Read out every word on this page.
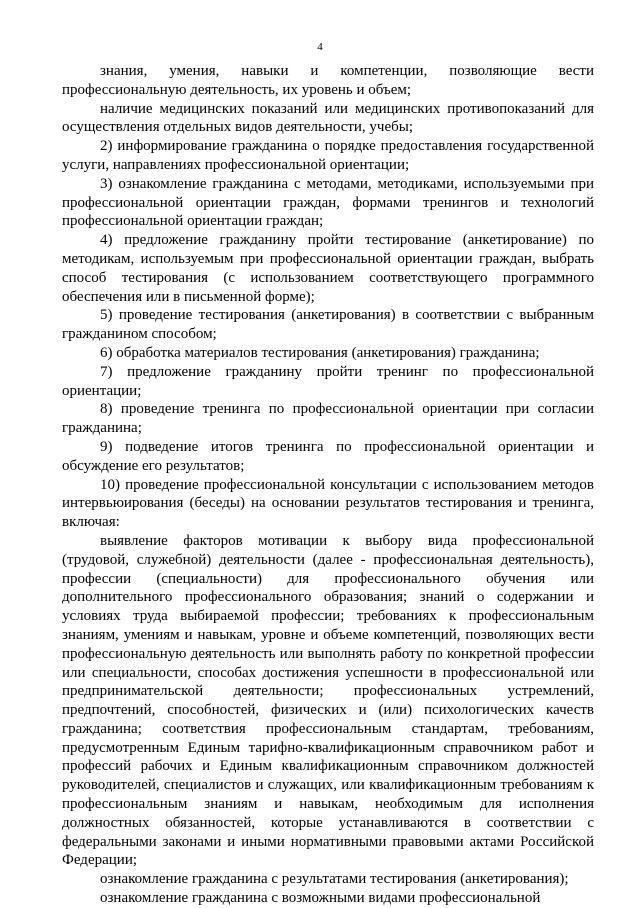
4

знания, умения, навыки и компетенции, позволяющие вести профессиональную деятельность, их уровень и объем;

наличие медицинских показаний или медицинских противопоказаний для осуществления отдельных видов деятельности, учебы;

2) информирование гражданина о порядке предоставления государственной услуги, направлениях профессиональной ориентации;

3) ознакомление гражданина с методами, методиками, используемыми при профессиональной ориентации граждан, формами тренингов и технологий профессиональной ориентации граждан;

4) предложение гражданину пройти тестирование (анкетирование) по методикам, используемым при профессиональной ориентации граждан, выбрать способ тестирования (с использованием соответствующего программного обеспечения или в письменной форме);

5) проведение тестирования (анкетирования) в соответствии с выбранным гражданином способом;

6) обработка материалов тестирования (анкетирования) гражданина;

7) предложение гражданину пройти тренинг по профессиональной ориентации;

8) проведение тренинга по профессиональной ориентации при согласии гражданина;

9) подведение итогов тренинга по профессиональной ориентации и обсуждение его результатов;

10) проведение профессиональной консультации с использованием методов интервьюирования (беседы) на основании результатов тестирования и тренинга, включая:

выявление факторов мотивации к выбору вида профессиональной (трудовой, служебной) деятельности (далее - профессиональная деятельность), профессии (специальности) для профессионального обучения или дополнительного профессионального образования; знаний о содержании и условиях труда выбираемой профессии; требованиях к профессиональным знаниям, умениям и навыкам, уровне и объеме компетенций, позволяющих вести профессиональную деятельность или выполнять работу по конкретной профессии или специальности, способах достижения успешности в профессиональной или предпринимательской деятельности; профессиональных устремлений, предпочтений, способностей, физических и (или) психологических качеств гражданина; соответствия профессиональным стандартам, требованиям, предусмотренным Единым тарифно-квалификационным справочником работ и профессий рабочих и Единым квалификационным справочником должностей руководителей, специалистов и служащих, или квалификационным требованиям к профессиональным знаниям и навыкам, необходимым для исполнения должностных обязанностей, которые устанавливаются в соответствии с федеральными законами и иными нормативными правовыми актами Российской Федерации;

ознакомление гражданина с результатами тестирования (анкетирования);

ознакомление гражданина с возможными видами профессиональной
